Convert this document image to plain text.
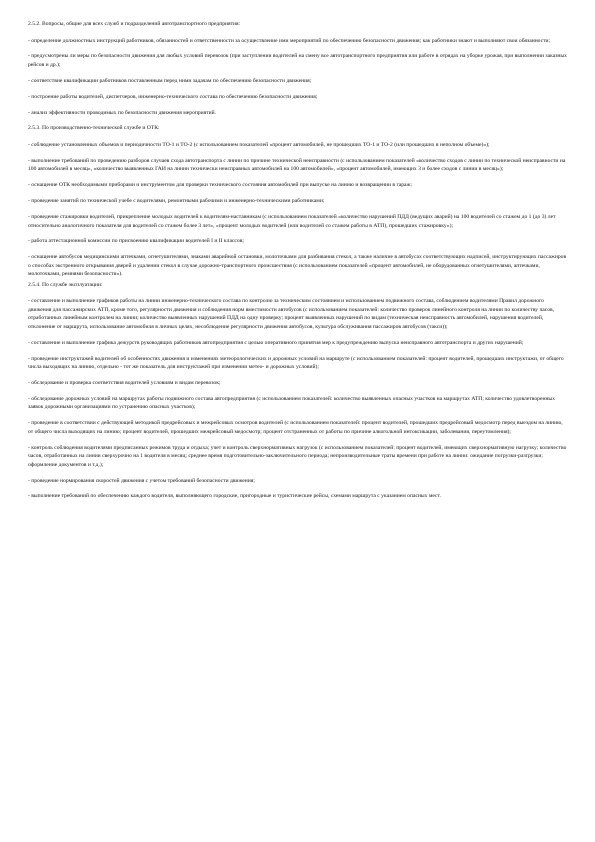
2.5.2. Вопросы, общие для всех служб и подразделений автотранспортного предприятия:

- определение должностных инструкций работников, обязанностей и ответственности за осуществление ими мероприятий по обеспечению безопасности движения; как работники знают и выполняют свои обязанности;

- предусмотрены ли меры по безопасности движения для любых условий перевозок (при заступлении водителей на смену все автотранспортного предприятия или работе в отрядах на уборке урожая, при выполнении заказных рейсов и др.);

- соответствие квалификации работников поставленным перед ними задачам по обеспечению безопасности движения;

- построение работы водителей, диспетчеров, инженерно-технического состава по обеспечению безопасности движения;

- анализ эффективности проводимых по безопасности движения мероприятий.

2.5.3. По производственно-технической службе и ОТК:

- соблюдение установленных объемов и периодичности ТО-1 и ТО-2 (с использованием показателей «процент автомобилей, не прошедших ТО-1 и ТО-2 (или прошедших в неполном объеме)»);

- выполнение требований по проведению разборов случаев схода автотранспорта с линии по причине технической неисправности (с использованием показателей «количество сходов с линии по технической неисправности на 100 автомобилей в месяц», «количество выявленных ГАИ на линии технически неисправных автомобилей на 100 автомобилей», «процент автомобилей, имеющих 3 и более сходов с линии в месяц»);

- оснащение ОТК необходимыми приборами и инструментом для проверки технического состояния автомобилей при выпуске на линию и возвращении в гараж;

- проведение занятий по технической учебе с водителями, ремонтными рабочими и инженерно-техническими работниками;

- проведение стажировки водителей, прикрепление молодых водителей к водителям-наставникам (с использованием показателей «количество нарушений ПДД (ведущих аварий) на 100 водителей со стажем до 1 (до 3) лет относительно аналогичного показателя для водителей со стажем более 3 лет», «процент молодых водителей (или водителей со стажем работы в АТП), прошедших стажировку»);

- работа аттестационной комиссии по присвоению квалификации водителей I и II классов;

- оснащение автобусов медицинскими аптечками, огнетушителями, знаками аварийной остановки, молоточками для разбивания стекол, а также наличие в автобусах соответствующих надписей, инструктирующих пассажиров о способах экстренного открывания дверей и удалении стекол в случае дорожно-транспортного происшествия (с использованием показателей «процент автомобилей, не оборудованных огнетушителями, аптечками, молоточками, ремнями безопасности»).

2.5.4. По службе эксплуатации:

- составление и выполнение графиков работы на линии инженерно-технического состава по контролю за техническим состоянием и использованием подвижного состава, соблюдением водителями Правил дорожного движения для пассажирских АТП, кроме того, регулярности движения и соблюдения норм вместимости автобусов (с использованием показателей: количество проверок линейного контроля на линии по количеству часов, отработанных линейным контролем на линии; количество выявленных нарушений ПДД на одну проверку; процент выявленных нарушений по видам (техническая неисправность автомобилей, нарушения водителей, отклонение от маршрута, использование автомобиля в личных целях, несоблюдение регулярности движения автобусов, культура обслуживания пассажиров автобусов (такси));

- составление и выполнение графика дежурств руководящих работников автопредприятия с целью оперативного принятия мер к предупреждению выпуска неисправного автотранспорта и других нарушений;

- проведение инструктажей водителей об особенностях движения и изменениях метеорологических и дорожных условий на маршруте (с использованием показателей: процент водителей, прошедших инструктажи, от общего числа выходящих на линию, отдельно - тот же показатель для инструктажей при изменении метео- и дорожных условий);

- обследование и проверка соответствия водителей условиям и видам перевозок;

- обследование дорожных условий на маршрутах работы подвижного состава автопредприятия (с использованием показателей: количество выявленных опасных участков на маршрутах АТП; количество удовлетворенных заявок дорожными организациями по устранению опасных участков);

- проведение в соответствии с действующей методикой предрейсовых и межрейсовых осмотров водителей (с использованием показателей: процент водителей, прошедших предрейсовый медосмотр перед выездом на линию, от общего числа выходящих на линию; процент водителей, прошедших межрейсовый медосмотр; процент отстраненных от работы по причине алкогольной интоксикации, заболевания, переутомления);

- контроль соблюдения водителями предписанных режимов труда и отдыха; учет и контроль сверхнормативных нагрузок (с использованием показателей: процент водителей, имеющих сверхнормативную нагрузку; количество часов, отработанных на линии сверхурочно на 1 водителя в месяц; среднее время подготовительно-заключительного периода; непроизводительные траты времени при работе на линии: ожидание погрузки-разгрузки; оформление документов и т.д.);

- проведение нормирования скоростей движения с учетом требований безопасности движения;

- выполнение требований по обеспечению каждого водителя, выполняющего городские, пригородные и туристические рейсы, схемами маршрута с указанием опасных мест.
